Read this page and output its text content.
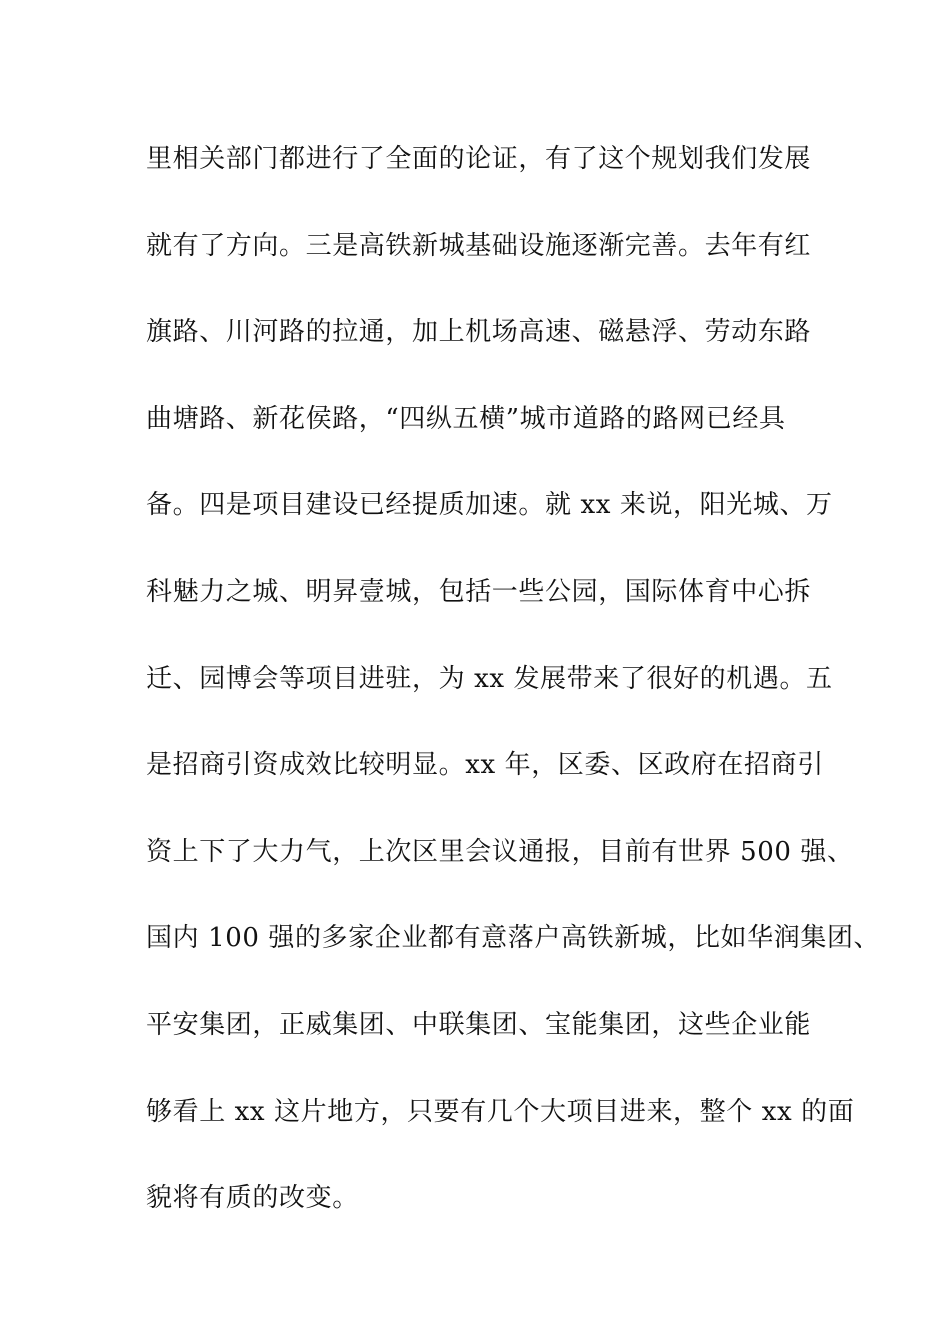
里相关部门都进行了全面的论证，有了这个规划我们发展
就有了方向。三是高铁新城基础设施逐渐完善。去年有红
旗路、川河路的拉通，加上机场高速、磁悬浮、劳动东路
曲塘路、新花侯路，“四纵五横”城市道路的路网已经具
备。四是项目建设已经提质加速。就 xx 来说，阳光城、万
科魅力之城、明昇壹城，包括一些公园，国际体育中心拆
迁、园博会等项目进驻，为 xx 发展带来了很好的机遇。五
是招商引资成效比较明显。xx 年，区委、区政府在招商引
资上下了大力气，上次区里会议通报，目前有世界 500 强、
国内 100 强的多家企业都有意落户高铁新城，比如华润集团、
平安集团，正威集团、中联集团、宝能集团，这些企业能
够看上 xx 这片地方，只要有几个大项目进来，整个 xx 的面
貌将有质的改变。
